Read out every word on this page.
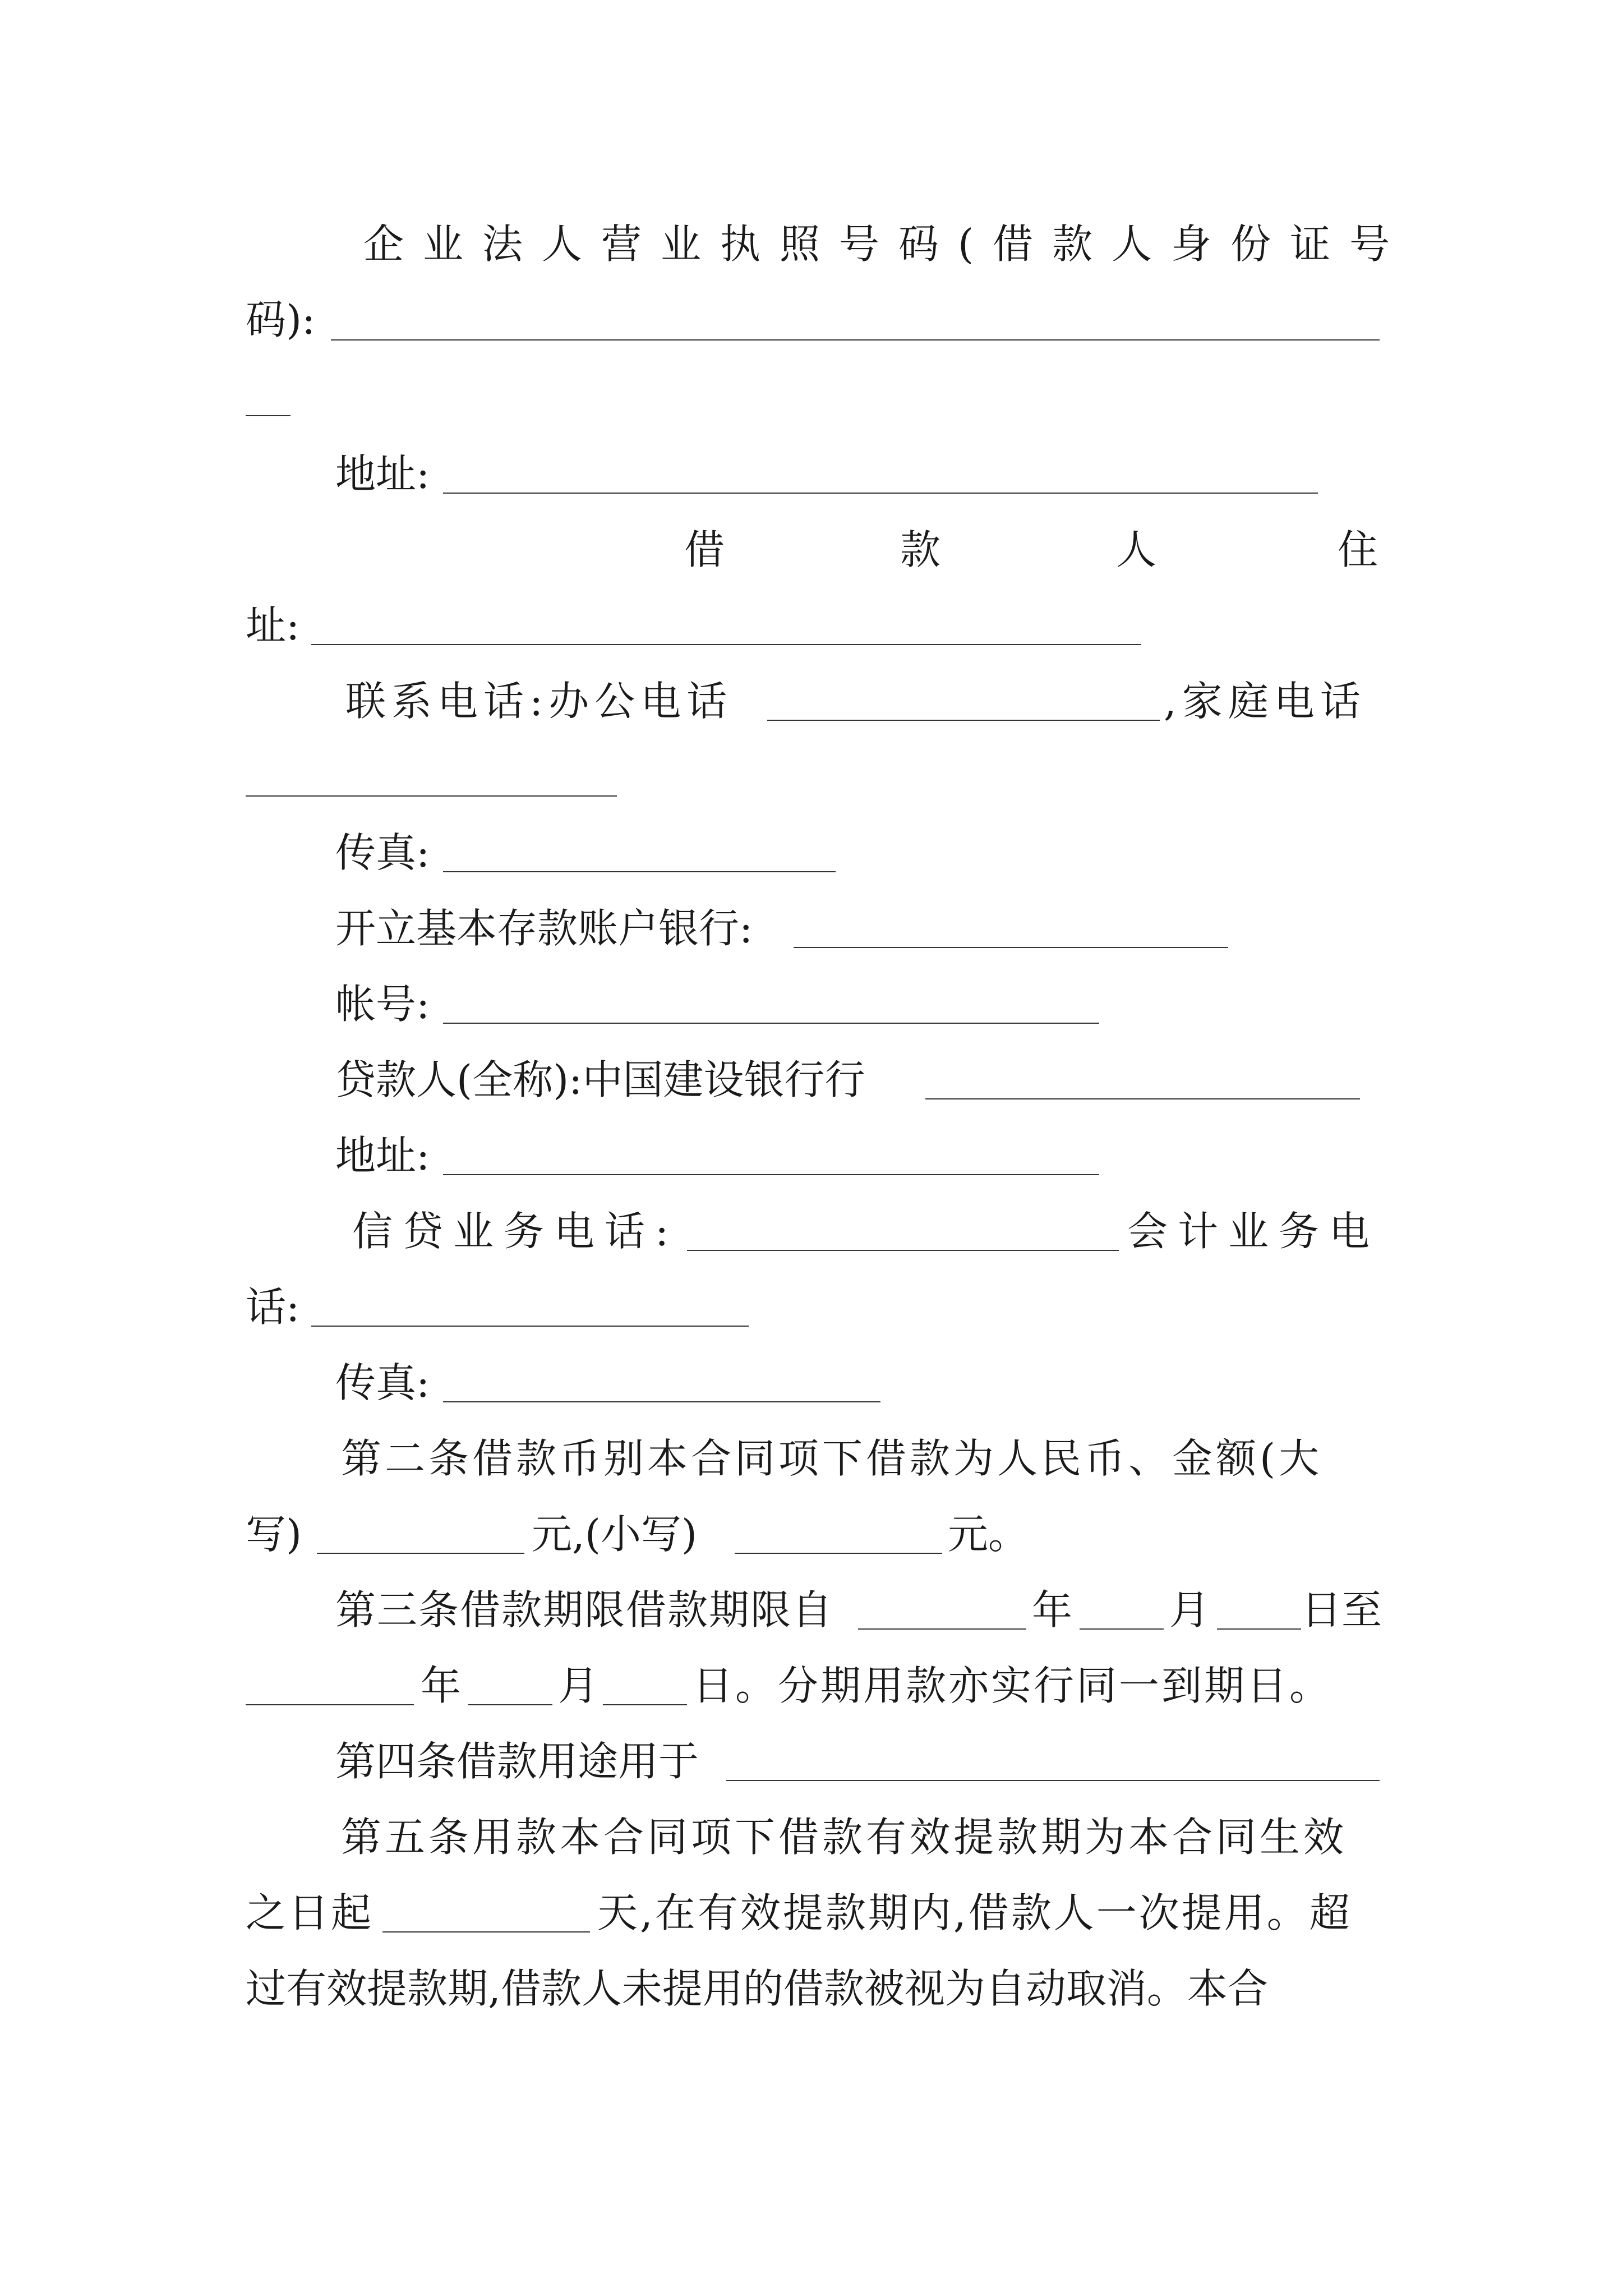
企业法人营业执照号码(借款人身份证号
码):
地址:
借	款	人	住
址:
联系电话:办公电话	,家庭电话
传真:
开立基本存款账户银行:
帐号:
贷款人(全称):中国建设银行行
地址:
信贷业务电话:	会计业务电
话:
传真:
第二条借款币别本合同项下借款为人民币、金额(大
写)	元,(小写)	元。
第三条借款期限借款期限自	年 月 日至
年 月 日。分期用款亦实行同一到期日。
第四条借款用途用于
第五条用款本合同项下借款有效提款期为本合同生效
之日起	天,在有效提款期内,借款人一次提用。超
过有效提款期,借款人未提用的借款被视为自动取消。本合
